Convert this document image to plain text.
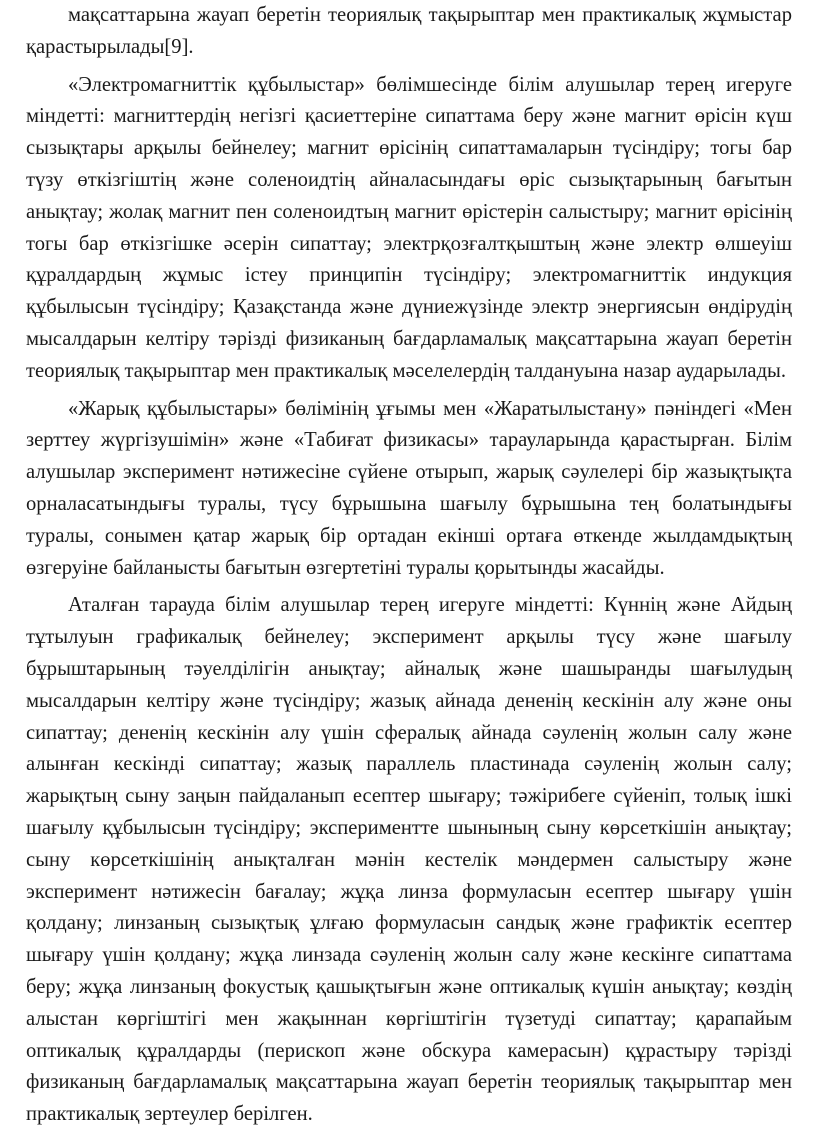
мақсаттарына жауап беретін теориялық тақырыптар мен практикалық жұмыстар қарастырылады[9].

«Электромагниттік құбылыстар» бөлімшесінде білім алушылар терең игеруге міндетті: магниттердің негізгі қасиеттеріне сипаттама беру және магнит өрісін күш сызықтары арқылы бейнелеу; магнит өрісінің сипаттамаларын түсіндіру; тогы бар түзу өткізгіштің және соленоидтің айналасындағы өріс сызықтарының бағытын анықтау; жолақ магнит пен соленоидтың магнит өрістерін салыстыру; магнит өрісінің тогы бар өткізгішке әсерін сипаттау; электрқозғалтқыштың және электр өлшеуіш құралдардың жұмыс істеу принципін түсіндіру; электромагниттік индукция құбылысын түсіндіру; Қазақстанда және дүниежүзінде электр энергиясын өндірудің мысалдарын келтіру тәрізді физиканың бағдарламалық мақсаттарына жауап беретін теориялық тақырыптар мен практикалық мәселелердің талдануына назар аударылады.

«Жарық құбылыстары» бөлімінің ұғымы мен «Жаратылыстану» пәніндегі «Мен зерттеу жүргізушімін» және «Табиғат физикасы» тарауларында қарастырған. Білім алушылар эксперимент нәтижесіне сүйене отырып, жарық сәулелері бір жазықтықта орналасатындығы туралы, түсу бұрышына шағылу бұрышына тең болатындығы туралы, сонымен қатар жарық бір ортадан екінші ортаға өткенде жылдамдықтың өзгеруіне байланысты бағытын өзгертетіні туралы қорытынды жасайды.

Аталған тарауда білім алушылар терең игеруге міндетті: Күннің және Айдың тұтылуын графикалық бейнелеу; эксперимент арқылы түсу және шағылу бұрыштарының тәуелділігін анықтау; айналық және шашыранды шағылудың мысалдарын келтіру және түсіндіру; жазық айнада дененің кескінін алу және оны сипаттау; дененің кескінін алу үшін сфералық айнада сәуленің жолын салу және алынған кескінді сипаттау; жазық параллель пластинада сәуленің жолын салу; жарықтың сыну заңын пайдаланып есептер шығару; тәжірибеге сүйеніп, толық ішкі шағылу құбылысын түсіндіру; экспериментте шынының сыну көрсеткішін анықтау; сыну көрсеткішінің анықталған мәнін кестелік мәндермен салыстыру және эксперимент нәтижесін бағалау; жұқа линза формуласын есептер шығару үшін қолдану; линзаның сызықтық ұлғаю формуласын сандық және графиктік есептер шығару үшін қолдану; жұқа линзада сәуленің жолын салу және кескінге сипаттама беру; жұқа линзаның фокустық қашықтығын және оптикалық күшін анықтау; көздің алыстан көргіштігі мен жақыннан көргіштігін түзетуді сипаттау; қарапайым оптикалық құралдарды (перископ және обскура камерасын) құрастыру тәрізді физиканың бағдарламалық мақсаттарына жауап беретін теориялық тақырыптар мен практикалық зертеулер берілген.
